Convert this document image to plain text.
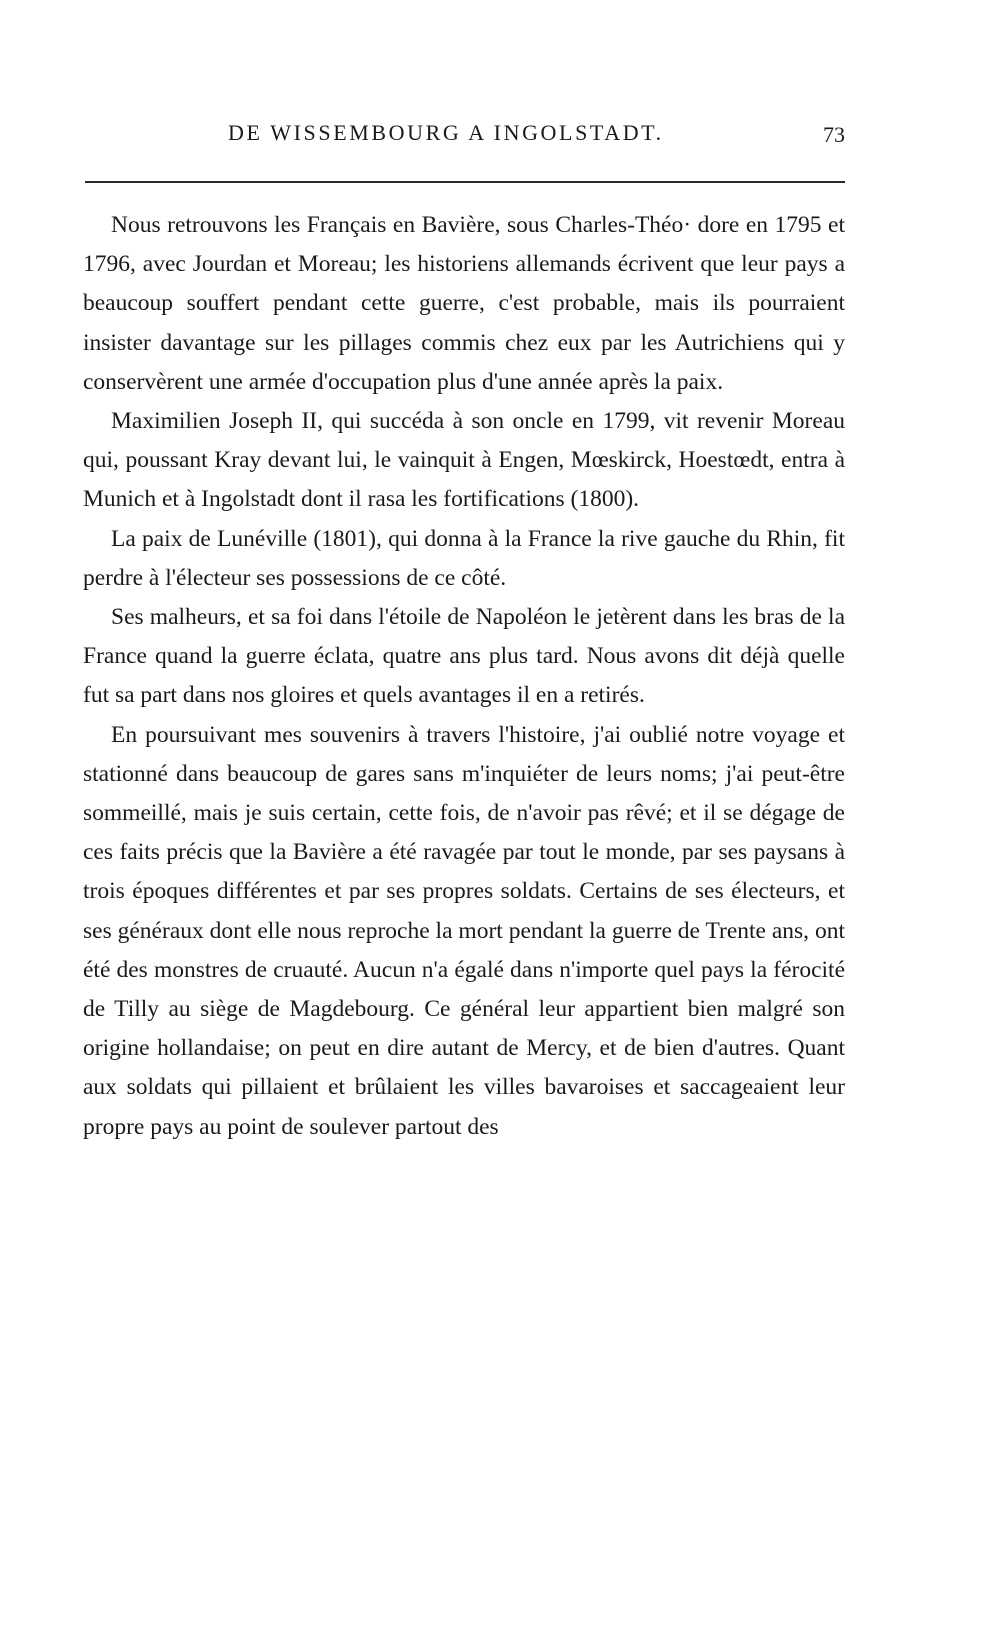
DE WISSEMBOURG A INGOLSTADT.	73

Nous retrouvons les Français en Bavière, sous Charles-Théo· dore en 1795 et 1796, avec Jourdan et Moreau; les historiens allemands écrivent que leur pays a beaucoup souffert pendant cette guerre, c'est probable, mais ils pourraient insister davantage sur les pillages commis chez eux par les Autrichiens qui y conservèrent une armée d'occupation plus d'une année après la paix.

Maximilien Joseph II, qui succéda à son oncle en 1799, vit revenir Moreau qui, poussant Kray devant lui, le vainquit à Engen, Mœskirck, Hoestœdt, entra à Munich et à Ingolstadt dont il rasa les fortifications (1800).

La paix de Lunéville (1801), qui donna à la France la rive gauche du Rhin, fit perdre à l'électeur ses possessions de ce côté.

Ses malheurs, et sa foi dans l'étoile de Napoléon le jetèrent dans les bras de la France quand la guerre éclata, quatre ans plus tard. Nous avons dit déjà quelle fut sa part dans nos gloires et quels avantages il en a retirés.

En poursuivant mes souvenirs à travers l'histoire, j'ai oublié notre voyage et stationné dans beaucoup de gares sans m'inquiéter de leurs noms; j'ai peut-être sommeillé, mais je suis certain, cette fois, de n'avoir pas rêvé; et il se dégage de ces faits précis que la Bavière a été ravagée par tout le monde, par ses paysans à trois époques différentes et par ses propres soldats. Certains de ses électeurs, et ses généraux dont elle nous reproche la mort pendant la guerre de Trente ans, ont été des monstres de cruauté. Aucun n'a égalé dans n'importe quel pays la férocité de Tilly au siège de Magdebourg. Ce général leur appartient bien malgré son origine hollandaise; on peut en dire autant de Mercy, et de bien d'autres. Quant aux soldats qui pillaient et brûlaient les villes bavaroises et saccageaient leur propre pays au point de soulever partout des
